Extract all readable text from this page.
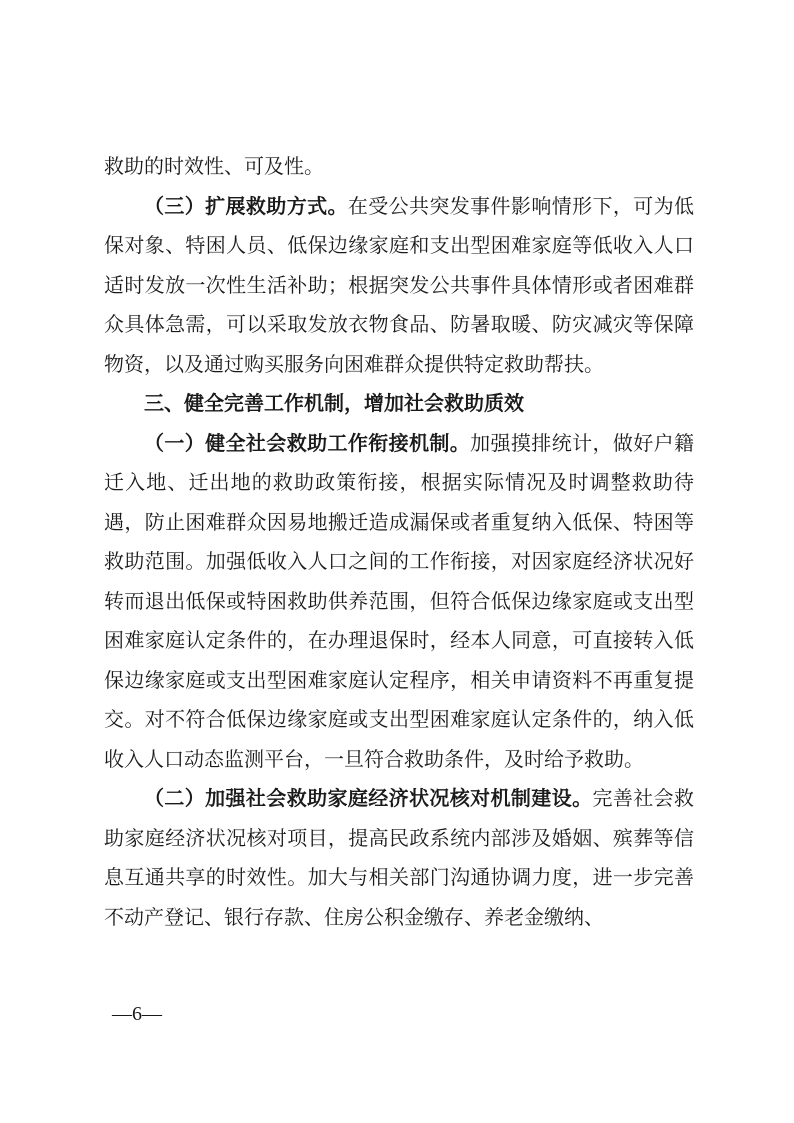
救助的时效性、可及性。

（三）扩展救助方式。在受公共突发事件影响情形下，可为低保对象、特困人员、低保边缘家庭和支出型困难家庭等低收入人口适时发放一次性生活补助；根据突发公共事件具体情形或者困难群众具体急需，可以采取发放衣物食品、防暑取暖、防灾减灾等保障物资，以及通过购买服务向困难群众提供特定救助帮扶。

三、健全完善工作机制，增加社会救助质效

（一）健全社会救助工作衔接机制。加强摸排统计，做好户籍迁入地、迁出地的救助政策衔接，根据实际情况及时调整救助待遇，防止困难群众因易地搬迁造成漏保或者重复纳入低保、特困等救助范围。加强低收入人口之间的工作衔接，对因家庭经济状况好转而退出低保或特困救助供养范围，但符合低保边缘家庭或支出型困难家庭认定条件的，在办理退保时，经本人同意，可直接转入低保边缘家庭或支出型困难家庭认定程序，相关申请资料不再重复提交。对不符合低保边缘家庭或支出型困难家庭认定条件的，纳入低收入人口动态监测平台，一旦符合救助条件，及时给予救助。

（二）加强社会救助家庭经济状况核对机制建设。完善社会救助家庭经济状况核对项目，提高民政系统内部涉及婚姻、殡葬等信息互通共享的时效性。加大与相关部门沟通协调力度，进一步完善不动产登记、银行存款、住房公积金缴存、养老金缴纳、

—6—
